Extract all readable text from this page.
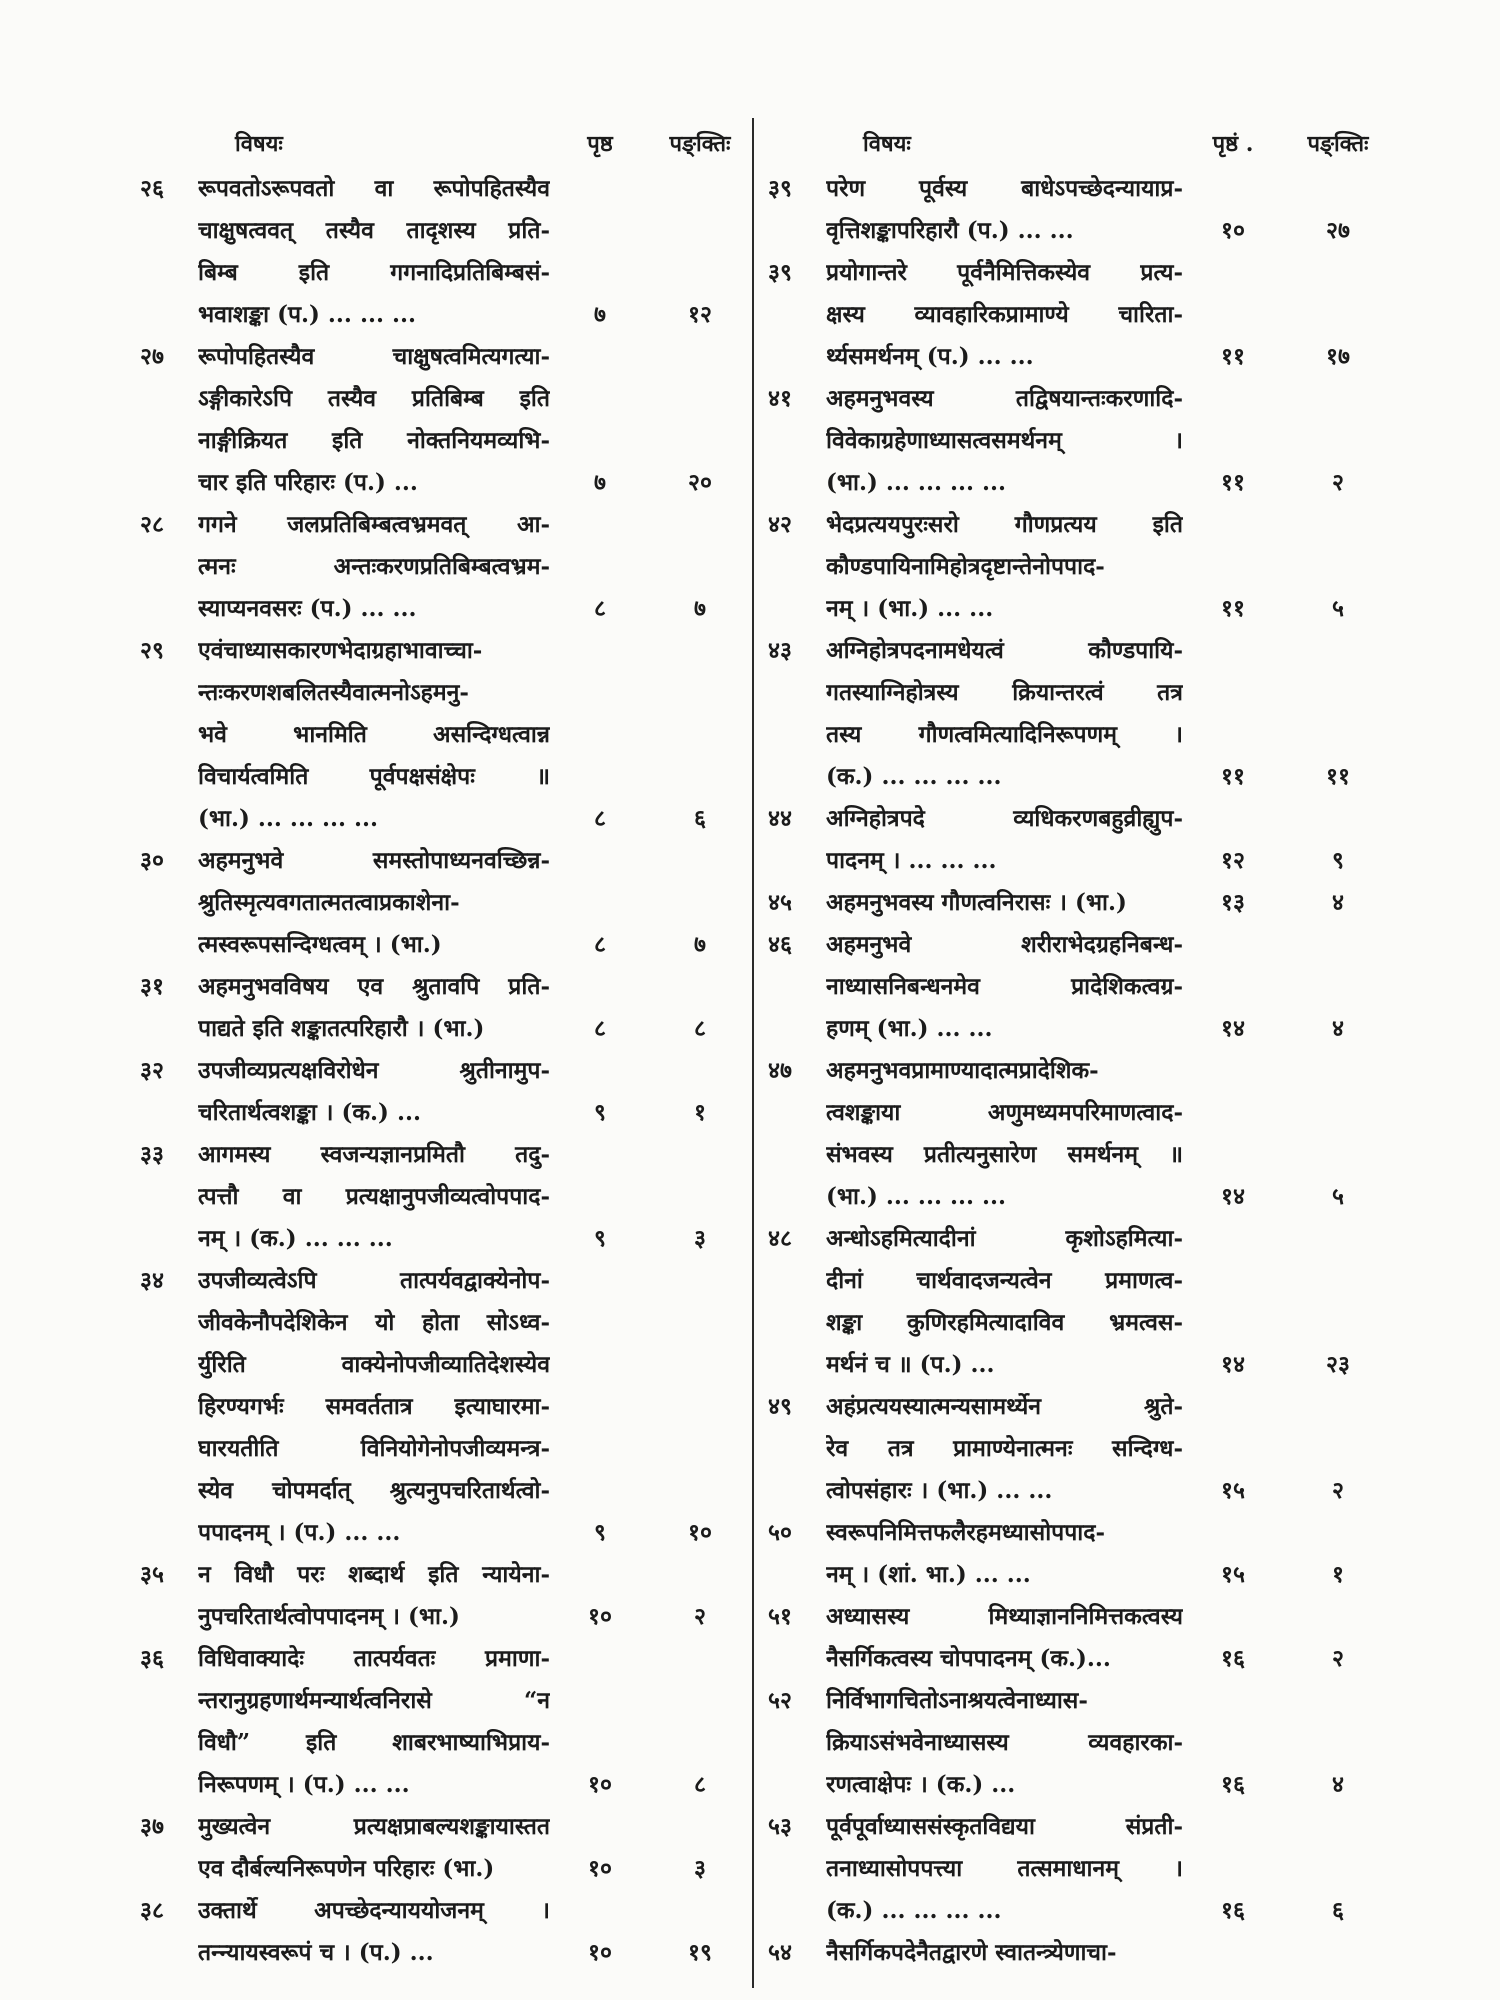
विषयः	पृष्ठ	पङ्क्तिः
२६	रूपवतोऽरूपवतो वा रूपोपहितस्यैव
चाक्षुषत्ववत् तस्यैव तादृशस्य प्रति-
बिम्ब इति गगनादिप्रतिबिम्बसं-
भवाशङ्का (प.) ... ... ...	७	१२
२७	रूपोपहितस्यैव चाक्षुषत्वमित्यगत्या-
ऽङ्गीकारेऽपि तस्यैव प्रतिबिम्ब इति
नाङ्गीक्रियत इति नोक्तनियमव्यभि-
चार इति परिहारः (प.) ...	७	२०
२८	गगने जलप्रतिबिम्बत्वभ्रमवत् आ-
त्मनः अन्तःकरणप्रतिबिम्बत्वभ्रम-
स्याप्यनवसरः (प.) ... ...	८	७
२९	एवंचाध्यासकारणभेदाग्रहाभावाच्चा-
न्तःकरणशबलितस्यैवात्मनोऽहमनु-
भवे भानमिति असन्दिग्धत्वान्न
विचार्यत्वमिति पूर्वपक्षसंक्षेपः ॥
(भा.) ... ... ... ...	८	६
३०	अहमनुभवे समस्तोपाध्यनवच्छिन्न-
श्रुतिस्मृत्यवगतात्मतत्वाप्रकाशेना-
त्मस्वरूपसन्दिग्धत्वम् । (भा.)	८	७
३१	अहमनुभवविषय एव श्रुतावपि प्रति-
पाद्यते इति शङ्कातत्परिहारौ । (भा.)	८	८
३२	उपजीव्यप्रत्यक्षविरोधेन श्रुतीनामुप-
चरितार्थत्वशङ्का । (क.) ...	९	१
३३	आगमस्य स्वजन्यज्ञानप्रमितौ तदु-
त्पत्तौ वा प्रत्यक्षानुपजीव्यत्वोपपाद-
नम् । (क.) ... ... ...	९	३
३४	उपजीव्यत्वेऽपि तात्पर्यवद्वाक्येनोप-
जीवकेनौपदेशिकेन यो होता सोऽध्व-
र्युरिति वाक्येनोपजीव्यातिदेशस्येव
हिरण्यगर्भः समवर्ततात्र इत्याघारमा-
घारयतीति विनियोगेनोपजीव्यमन्त्र-
स्येव चोपमर्दात् श्रुत्यनुपचरितार्थत्वो-
पपादनम् । (प.) ... ...	९	१०
३५	न विधौ परः शब्दार्थ इति न्यायेना-
नुपचरितार्थत्वोपपादनम् । (भा.)	१०	२
३६	विधिवाक्यादेः तात्पर्यवतः प्रमाणा-
न्तरानुग्रहणार्थमन्यार्थत्वनिरासे “न
विधौ” इति शाबरभाष्याभिप्राय-
निरूपणम् । (प.) ... ...	१०	८
३७	मुख्यत्वेन प्रत्यक्षप्राबल्यशङ्कायास्तत
एव दौर्बल्यनिरूपणेन परिहारः (भा.)	१०	३
३८	उक्तार्थे अपच्छेदन्याययोजनम् ।
तन्न्यायस्वरूपं च । (प.) ...	१०	१९
विषयः	पृष्ठं .	पङ्क्तिः
३९	परेण पूर्वस्य बाधेऽपच्छेदन्यायाप्र-
वृत्तिशङ्कापरिहारौ (प.) ... ...	१०	२७
३९	प्रयोगान्तरे पूर्वनैमित्तिकस्येव प्रत्य-
क्षस्य व्यावहारिकप्रामाण्ये चारिता-
र्थ्यसमर्थनम् (प.) ... ...	११	१७
४१	अहमनुभवस्य तद्विषयान्तःकरणादि-
विवेकाग्रहेणाध्यासत्वसमर्थनम् ।
(भा.) ... ... ... ...	११	२
४२	भेदप्रत्ययपुरःसरो गौणप्रत्यय इति
कौण्डपायिनामिहोत्रदृष्टान्तेनोपपाद-
नम् । (भा.) ... ...	११	५
४३	अग्निहोत्रपदनामधेयत्वं कौण्डपायि-
गतस्याग्निहोत्रस्य क्रियान्तरत्वं तत्र
तस्य गौणत्वमित्यादिनिरूपणम् ।
(क.) ... ... ... ...	११	११
४४	अग्निहोत्रपदे व्यधिकरणबहुव्रीह्युप-
पादनम् । ... ... ...	१२	९
४५	अहमनुभवस्य गौणत्वनिरासः । (भा.)	१३	४
४६	अहमनुभवे शरीराभेदग्रहनिबन्ध-
नाध्यासनिबन्धनमेव प्रादेशिकत्वग्र-
हणम् (भा.) ... ...	१४	४
४७	अहमनुभवप्रामाण्यादात्मप्रादेशिक-
त्वशङ्काया अणुमध्यमपरिमाणत्वाद-
संभवस्य प्रतीत्यनुसारेण समर्थनम् ॥
(भा.) ... ... ... ...	१४	५
४८	अन्धोऽहमित्यादीनां कृशोऽहमित्या-
दीनां चार्थवादजन्यत्वेन प्रमाणत्व-
शङ्का कुणिरहमित्यादाविव भ्रमत्वस-
मर्थनं च ॥ (प.) ...	१४	२३
४९	अहंप्रत्ययस्यात्मन्यसामर्थ्येन श्रुते-
रेव तत्र प्रामाण्येनात्मनः सन्दिग्ध-
त्वोपसंहारः । (भा.) ... ...	१५	२
५०	स्वरूपनिमित्तफलैरहमध्यासोपपाद-
नम् । (शां. भा.) ... ...	१५	१
५१	अध्यासस्य मिथ्याज्ञाननिमित्तकत्वस्य
नैसर्गिकत्वस्य चोपपादनम् (क.)...	१६	२
५२	निर्विभागचितोऽनाश्रयत्वेनाध्यास-
क्रियाऽसंभवेनाध्यासस्य व्यवहारका-
रणत्वाक्षेपः । (क.) ...	१६	४
५३	पूर्वपूर्वाध्याससंस्कृतविद्यया संप्रती-
तनाध्यासोपपत्त्या तत्समाधानम् ।
(क.) ... ... ... ...	१६	६
५४	नैसर्गिकपदेनैतद्वारणे स्वातन्त्र्येणाचा-
